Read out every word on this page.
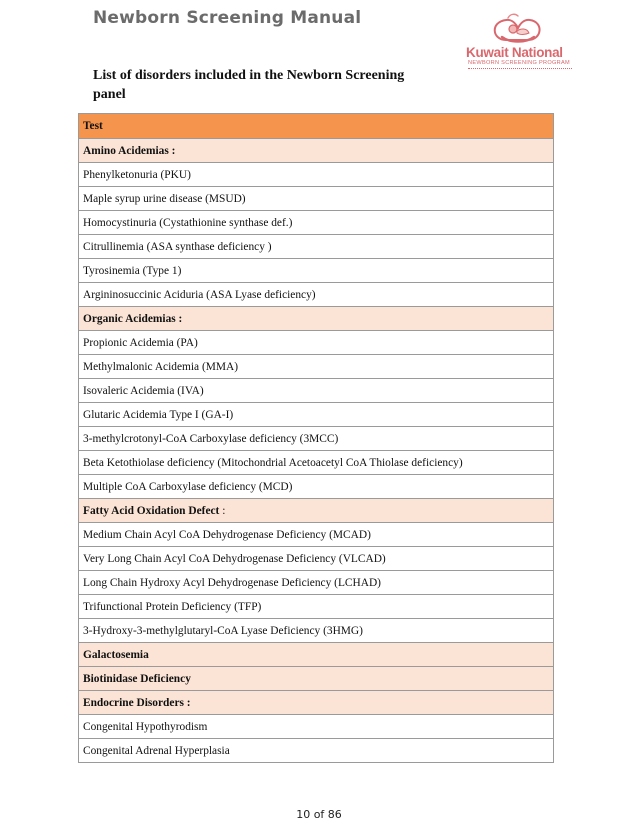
Newborn Screening Manual
Kuwait National
NEWBORN SCREENING PROGRAM
List of disorders included in the Newborn Screening panel
Test
Amino Acidemias :
Phenylketonuria (PKU)
Maple syrup urine disease (MSUD)
Homocystinuria (Cystathionine synthase def.)
Citrullinemia (ASA synthase deficiency )
Tyrosinemia (Type 1)
Argininosuccinic Aciduria (ASA Lyase deficiency)
Organic Acidemias :
Propionic Acidemia (PA)
Methylmalonic Acidemia (MMA)
Isovaleric Acidemia (IVA)
Glutaric Acidemia Type I (GA-I)
3-methylcrotonyl-CoA Carboxylase deficiency (3MCC)
Beta Ketothiolase deficiency (Mitochondrial Acetoacetyl CoA Thiolase deficiency)
Multiple CoA Carboxylase deficiency (MCD)
Fatty Acid Oxidation Defect :
Medium Chain Acyl CoA Dehydrogenase Deficiency (MCAD)
Very Long Chain Acyl CoA Dehydrogenase Deficiency (VLCAD)
Long Chain Hydroxy Acyl Dehydrogenase Deficiency (LCHAD)
Trifunctional Protein Deficiency (TFP)
3-Hydroxy-3-methylglutaryl-CoA Lyase Deficiency (3HMG)
Galactosemia
Biotinidase Deficiency
Endocrine Disorders :
Congenital Hypothyrodism
Congenital Adrenal Hyperplasia
10 of 86
